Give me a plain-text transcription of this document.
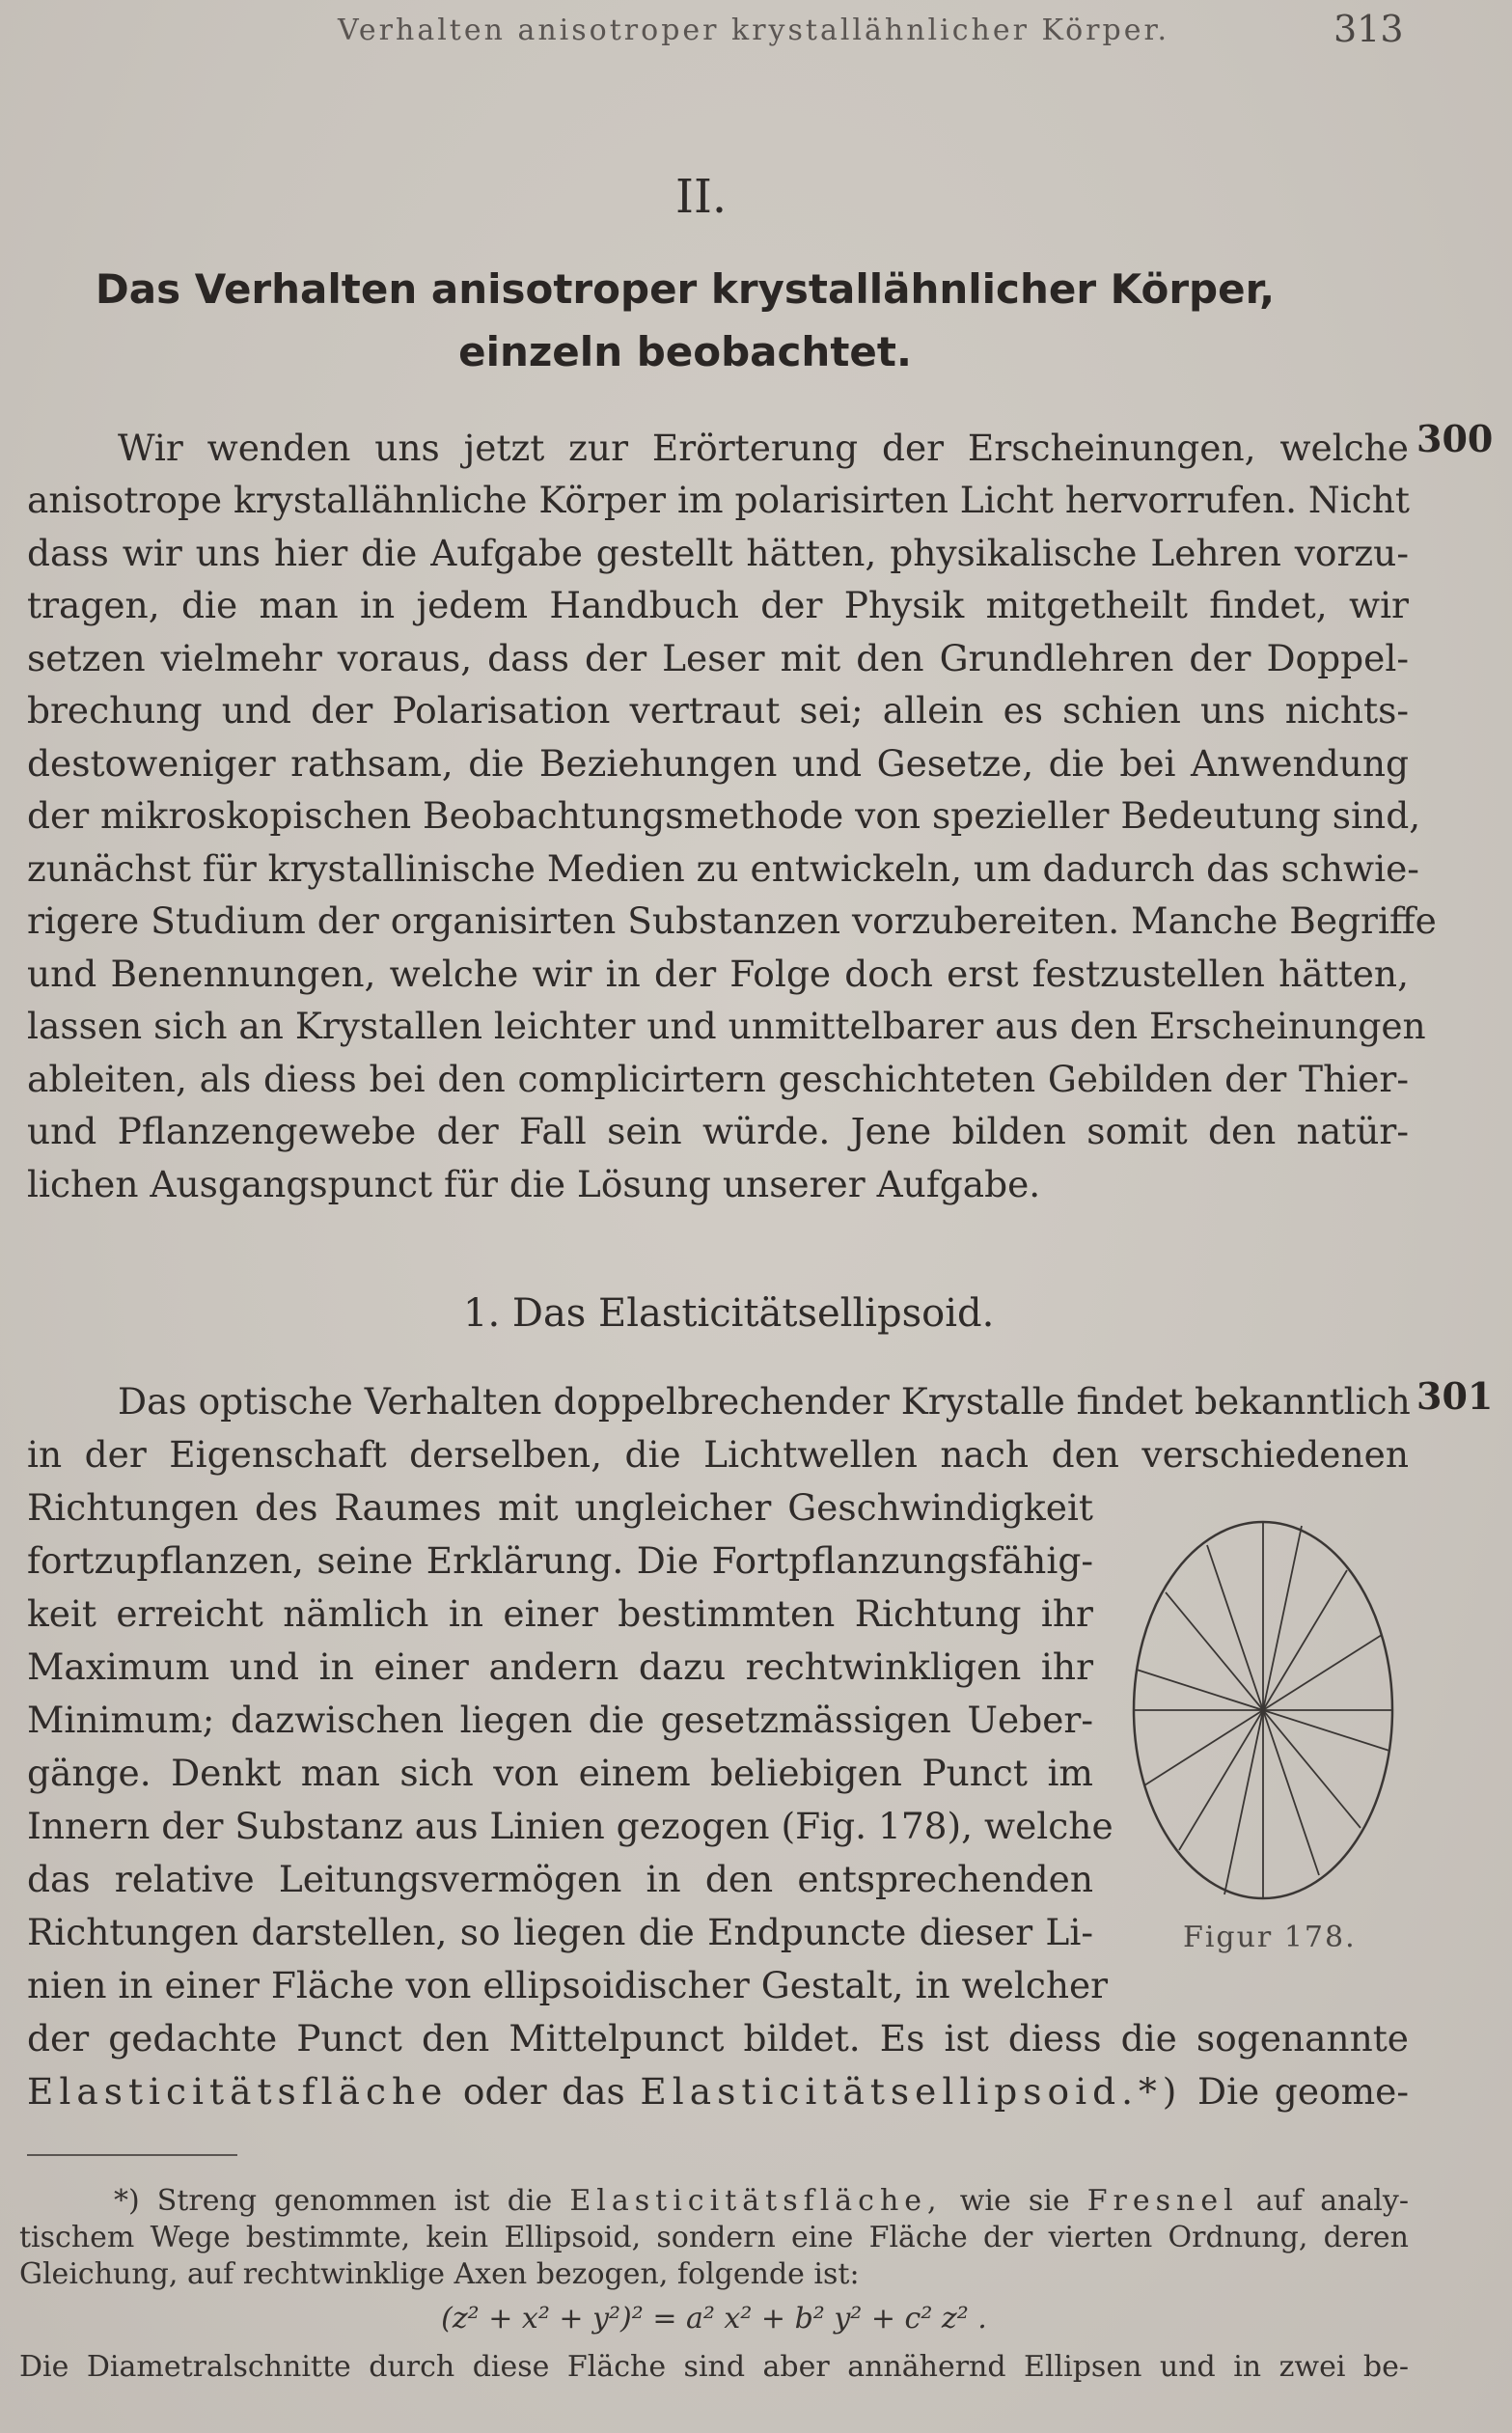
Verhalten anisotroper krystallähnlicher Körper.	313
II.
Das Verhalten anisotroper krystallähnlicher Körper,
einzeln beobachtet.
300
Wir wenden uns jetzt zur Erörterung der Erscheinungen, welche
anisotrope krystallähnliche Körper im polarisirten Licht hervorrufen. Nicht
dass wir uns hier die Aufgabe gestellt hätten, physikalische Lehren vorzu-
tragen, die man in jedem Handbuch der Physik mitgetheilt findet, wir
setzen vielmehr voraus, dass der Leser mit den Grundlehren der Doppel-
brechung und der Polarisation vertraut sei; allein es schien uns nichts-
destoweniger rathsam, die Beziehungen und Gesetze, die bei Anwendung
der mikroskopischen Beobachtungsmethode von spezieller Bedeutung sind,
zunächst für krystallinische Medien zu entwickeln, um dadurch das schwie-
rigere Studium der organisirten Substanzen vorzubereiten. Manche Begriffe
und Benennungen, welche wir in der Folge doch erst festzustellen hätten,
lassen sich an Krystallen leichter und unmittelbarer aus den Erscheinungen
ableiten, als diess bei den complicirtern geschichteten Gebilden der Thier-
und Pflanzengewebe der Fall sein würde. Jene bilden somit den natür-
lichen Ausgangspunct für die Lösung unserer Aufgabe.
1. Das Elasticitätsellipsoid.
301
Das optische Verhalten doppelbrechender Krystalle findet bekanntlich
in der Eigenschaft derselben, die Lichtwellen nach den verschiedenen
Richtungen des Raumes mit ungleicher Geschwindigkeit
fortzupflanzen, seine Erklärung. Die Fortpflanzungsfähig-
keit erreicht nämlich in einer bestimmten Richtung ihr
Maximum und in einer andern dazu rechtwinkligen ihr
Minimum; dazwischen liegen die gesetzmässigen Ueber-
gänge. Denkt man sich von einem beliebigen Punct im
Innern der Substanz aus Linien gezogen (Fig. 178), welche
das relative Leitungsvermögen in den entsprechenden
Richtungen darstellen, so liegen die Endpuncte dieser Li-
nien in einer Fläche von ellipsoidischer Gestalt, in welcher
der gedachte Punct den Mittelpunct bildet. Es ist diess die sogenannte
Elasticitätsfläche oder das Elasticitätsellipsoid.*) Die geome-
Figur 178.
*) Streng genommen ist die Elasticitätsfläche, wie sie Fresnel auf analy-
tischem Wege bestimmte, kein Ellipsoid, sondern eine Fläche der vierten Ordnung, deren
Gleichung, auf rechtwinklige Axen bezogen, folgende ist:
(z² + x² + y²)² = a² x² + b² y² + c² z² .
Die Diametralschnitte durch diese Fläche sind aber annähernd Ellipsen und in zwei be-
